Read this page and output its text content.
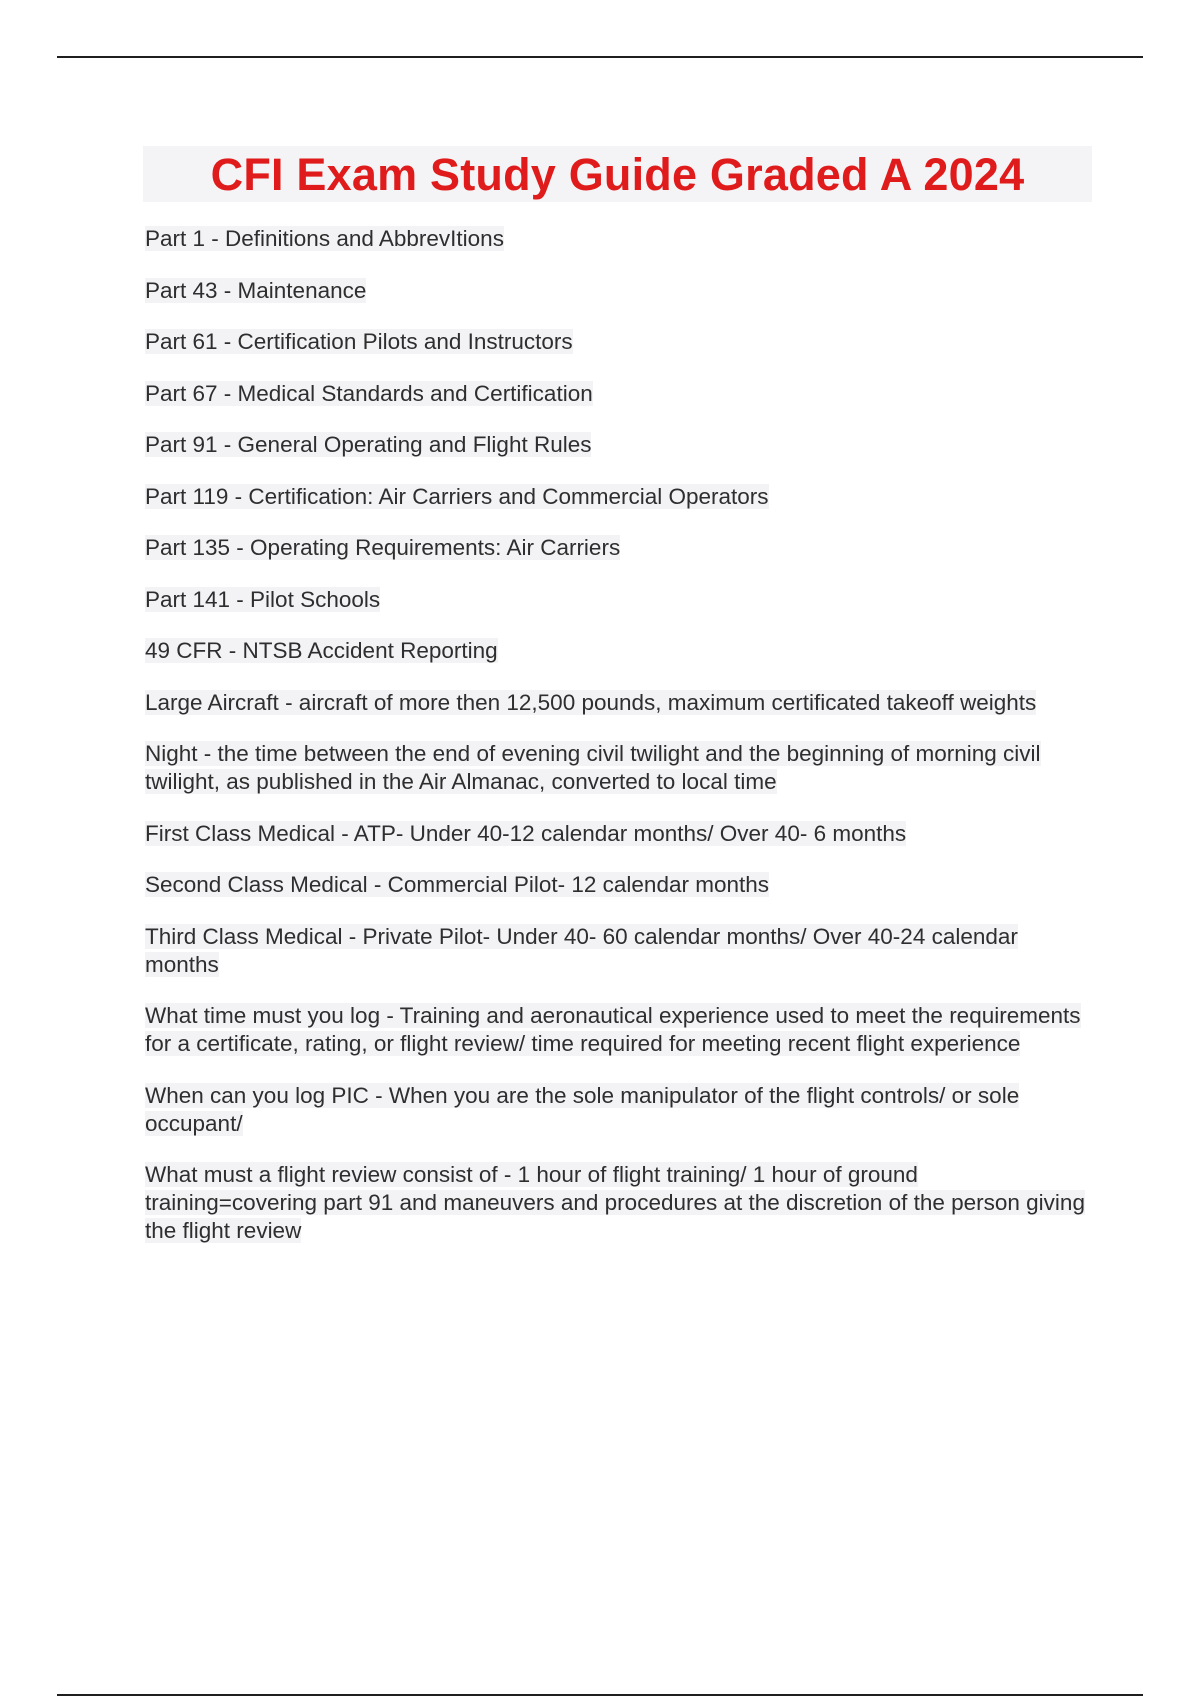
CFI Exam Study Guide Graded A 2024

Part 1 - Definitions and AbbrevItions

Part 43 - Maintenance

Part 61 - Certification Pilots and Instructors

Part 67 - Medical Standards and Certification

Part 91 - General Operating and Flight Rules

Part 119 - Certification: Air Carriers and Commercial Operators

Part 135 - Operating Requirements: Air Carriers

Part 141 - Pilot Schools

49 CFR - NTSB Accident Reporting

Large Aircraft - aircraft of more then 12,500 pounds, maximum certificated takeoff weights

Night - the time between the end of evening civil twilight and the beginning of morning civil twilight, as published in the Air Almanac, converted to local time

First Class Medical - ATP- Under 40-12 calendar months/ Over 40- 6 months

Second Class Medical - Commercial Pilot- 12 calendar months

Third Class Medical - Private Pilot- Under 40- 60 calendar months/ Over 40-24 calendar months

What time must you log - Training and aeronautical experience used to meet the requirements for a certificate, rating, or flight review/ time required for meeting recent flight experience

When can you log PIC - When you are the sole manipulator of the flight controls/ or sole occupant/

What must a flight review consist of - 1 hour of flight training/ 1 hour of ground training=covering part 91 and maneuvers and procedures at the discretion of the person giving the flight review
